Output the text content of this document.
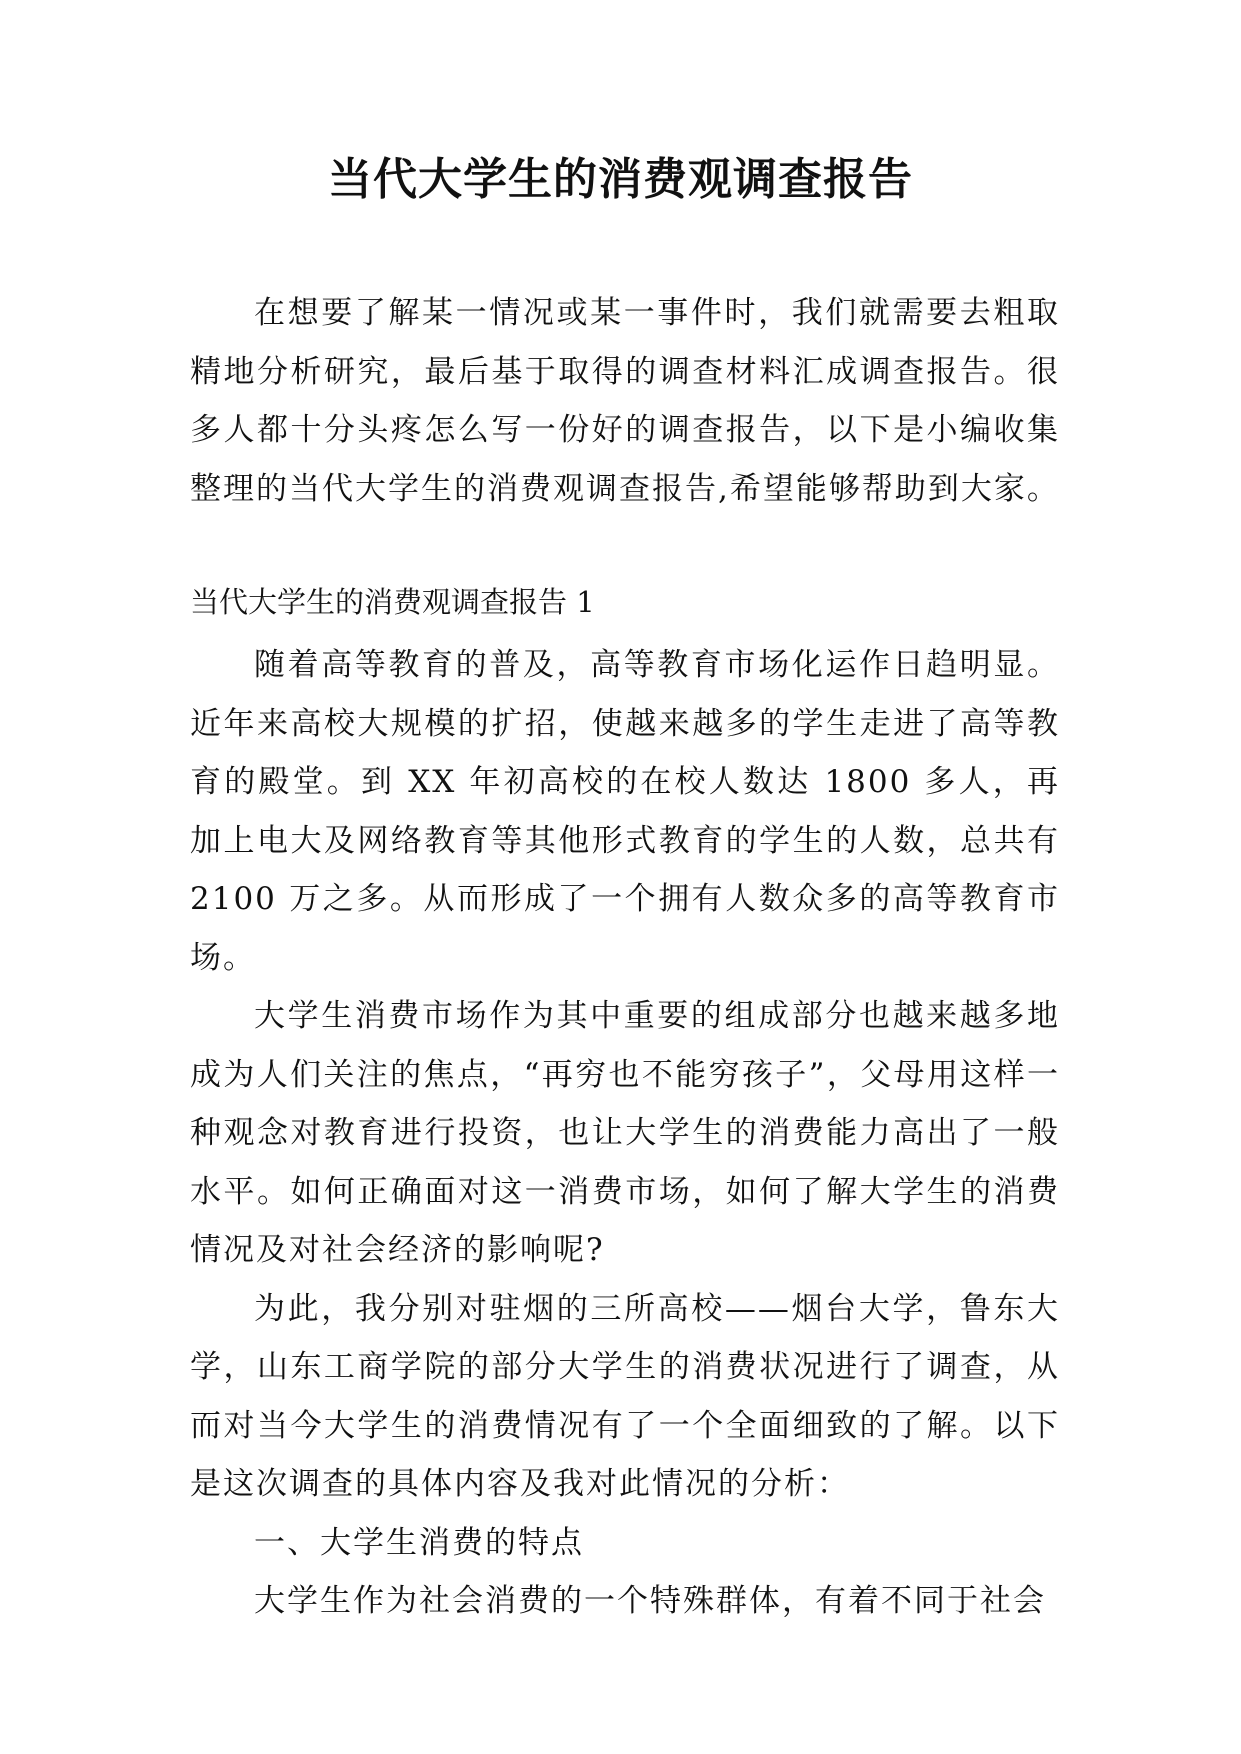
当代大学生的消费观调查报告

在想要了解某一情况或某一事件时，我们就需要去粗取精地分析研究，最后基于取得的调查材料汇成调查报告。很多人都十分头疼怎么写一份好的调查报告，以下是小编收集整理的当代大学生的消费观调查报告,希望能够帮助到大家。

当代大学生的消费观调查报告 1

随着高等教育的普及，高等教育市场化运作日趋明显。近年来高校大规模的扩招，使越来越多的学生走进了高等教育的殿堂。到 XX 年初高校的在校人数达 1800 多人，再加上电大及网络教育等其他形式教育的学生的人数，总共有 2100 万之多。从而形成了一个拥有人数众多的高等教育市场。

大学生消费市场作为其中重要的组成部分也越来越多地成为人们关注的焦点，“再穷也不能穷孩子”，父母用这样一种观念对教育进行投资，也让大学生的消费能力高出了一般水平。如何正确面对这一消费市场，如何了解大学生的消费情况及对社会经济的影响呢?

为此，我分别对驻烟的三所高校——烟台大学，鲁东大学，山东工商学院的部分大学生的消费状况进行了调查，从而对当今大学生的消费情况有了一个全面细致的了解。以下是这次调查的具体内容及我对此情况的分析：

一、大学生消费的特点

大学生作为社会消费的一个特殊群体，有着不同于社会
